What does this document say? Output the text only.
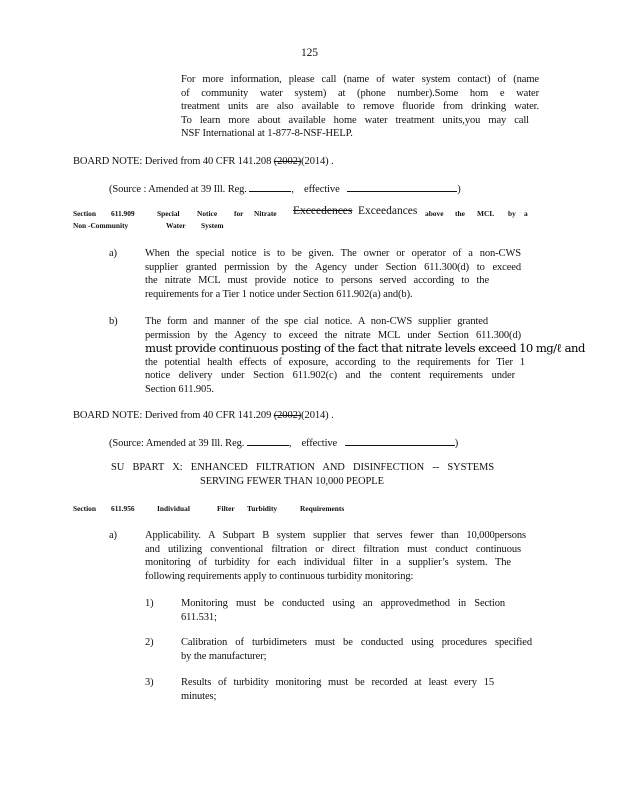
125
For more information, please call (name of water system contact) of (name
of community water system) at (phone number).Some hom e water
treatment units are also available to remove fluoride from drinking water.
To learn more about available home water treatment units,you may call
NSF International at 1-877-8-NSF-HELP.
BOARD NOTE: Derived from 40 CFR 141.208 (2002)(2014) .
(Source : Amended at 39 Ill. Reg.	, effective	)
Section 611.909	Special Notice for Nitrate Exceedences Exceedances above the MCL by a
Non -Community	Water System
a)	When the special notice is to be given. The owner or operator of a non-CWS
supplier granted permission by the Agency under Section 611.300(d) to exceed
the nitrate MCL must provide notice to persons served according to the
requirements for a Tier 1 notice under Section 611.902(a) and(b).
b)	The form and manner of the spe cial notice. A non-CWS supplier granted
permission by the Agency to exceed the nitrate MCL under Section 611.300(d)
must provide continuous posting of the fact that nitrate levels exceed 10 mg/ℓ and
the potential health effects of exposure, according to the requirements for Tier 1
notice delivery under Section 611.902(c) and the content requirements under
Section 611.905.
BOARD NOTE: Derived from 40 CFR 141.209 (2002)(2014) .
(Source: Amended at 39 Ill. Reg.	, effective	)
SU BPART X: ENHANCED FILTRATION AND DISINFECTION -- SYSTEMS
SERVING FEWER THAN 10,000 PEOPLE
Section 611.956	Individual	Filter Turbidity	Requirements
a)	Applicability. A Subpart B system supplier that serves fewer than 10,000persons
and utilizing conventional filtration or direct filtration must conduct continuous
monitoring of turbidity for each individual filter in a supplier’s system. The
following requirements apply to continuous turbidity monitoring:
1)	Monitoring must be conducted using an approvedmethod in Section
611.531;
2)	Calibration of turbidimeters must be conducted using procedures specified
by the manufacturer;
3)	Results of turbidity monitoring must be recorded at least every 15
minutes;
